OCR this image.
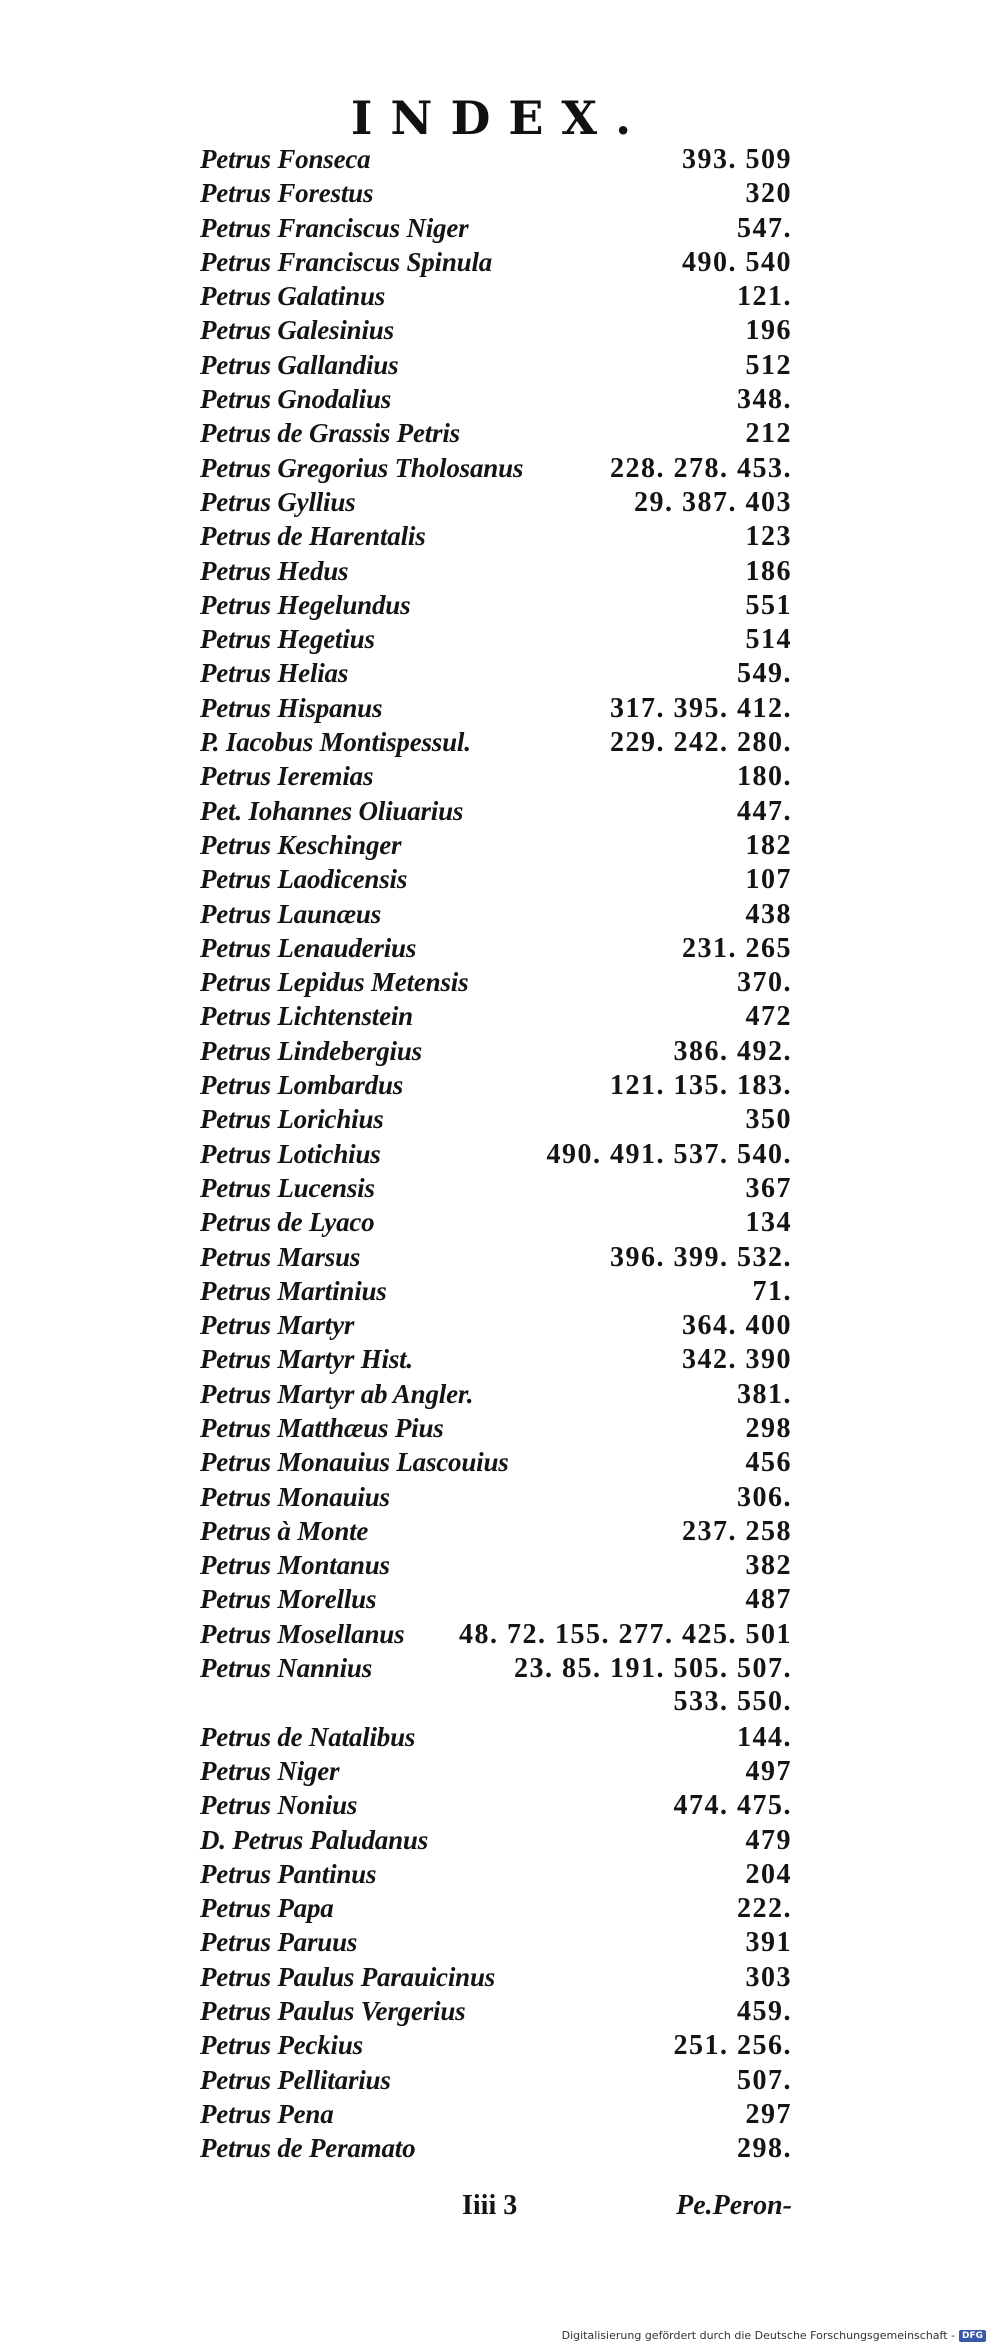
INDEX.
Petrus Fonseca	393. 509
Petrus Forestus	320
Petrus Franciscus Niger	547.
Petrus Franciscus Spinula	490. 540
Petrus Galatinus	121.
Petrus Galesinius	196
Petrus Gallandius	512
Petrus Gnodalius	348.
Petrus de Grassis Petris	212
Petrus Gregorius Tholosanus	228. 278. 453.
Petrus Gyllius	29. 387. 403
Petrus de Harentalis	123
Petrus Hedus	186
Petrus Hegelundus	551
Petrus Hegetius	514
Petrus Helias	549.
Petrus Hispanus	317. 395. 412.
P. Iacobus Montispessul.	229. 242. 280.
Petrus Ieremias	180.
Pet. Iohannes Oliuarius	447.
Petrus Keschinger	182
Petrus Laodicensis	107
Petrus Launæus	438
Petrus Lenauderius	231. 265
Petrus Lepidus Metensis	370.
Petrus Lichtenstein	472
Petrus Lindebergius	386. 492.
Petrus Lombardus	121. 135. 183.
Petrus Lorichius	350
Petrus Lotichius	490. 491. 537. 540.
Petrus Lucensis	367
Petrus de Lyaco	134
Petrus Marsus	396. 399. 532.
Petrus Martinius	71.
Petrus Martyr	364. 400
Petrus Martyr Hist.	342. 390
Petrus Martyr ab Angler.	381.
Petrus Matthæus Pius	298
Petrus Monauius Lascouius	456
Petrus Monauius	306.
Petrus à Monte	237. 258
Petrus Montanus	382
Petrus Morellus	487
Petrus Mosellanus 48. 72. 155. 277. 425. 501
Petrus Nannius	23. 85. 191. 505. 507.
533. 550.
Petrus de Natalibus	144.
Petrus Niger	497
Petrus Nonius	474. 475.
D. Petrus Paludanus	479
Petrus Pantinus	204
Petrus Papa	222.
Petrus Paruus	391
Petrus Paulus Parauicinus	303
Petrus Paulus Vergerius	459.
Petrus Peckius	251. 256.
Petrus Pellitarius	507.
Petrus Pena	297
Petrus de Peramato	298.
Iiii 3	Pe.Peron-
Digitalisierung gefördert durch die Deutsche Forschungsgemeinschaft - DFG
